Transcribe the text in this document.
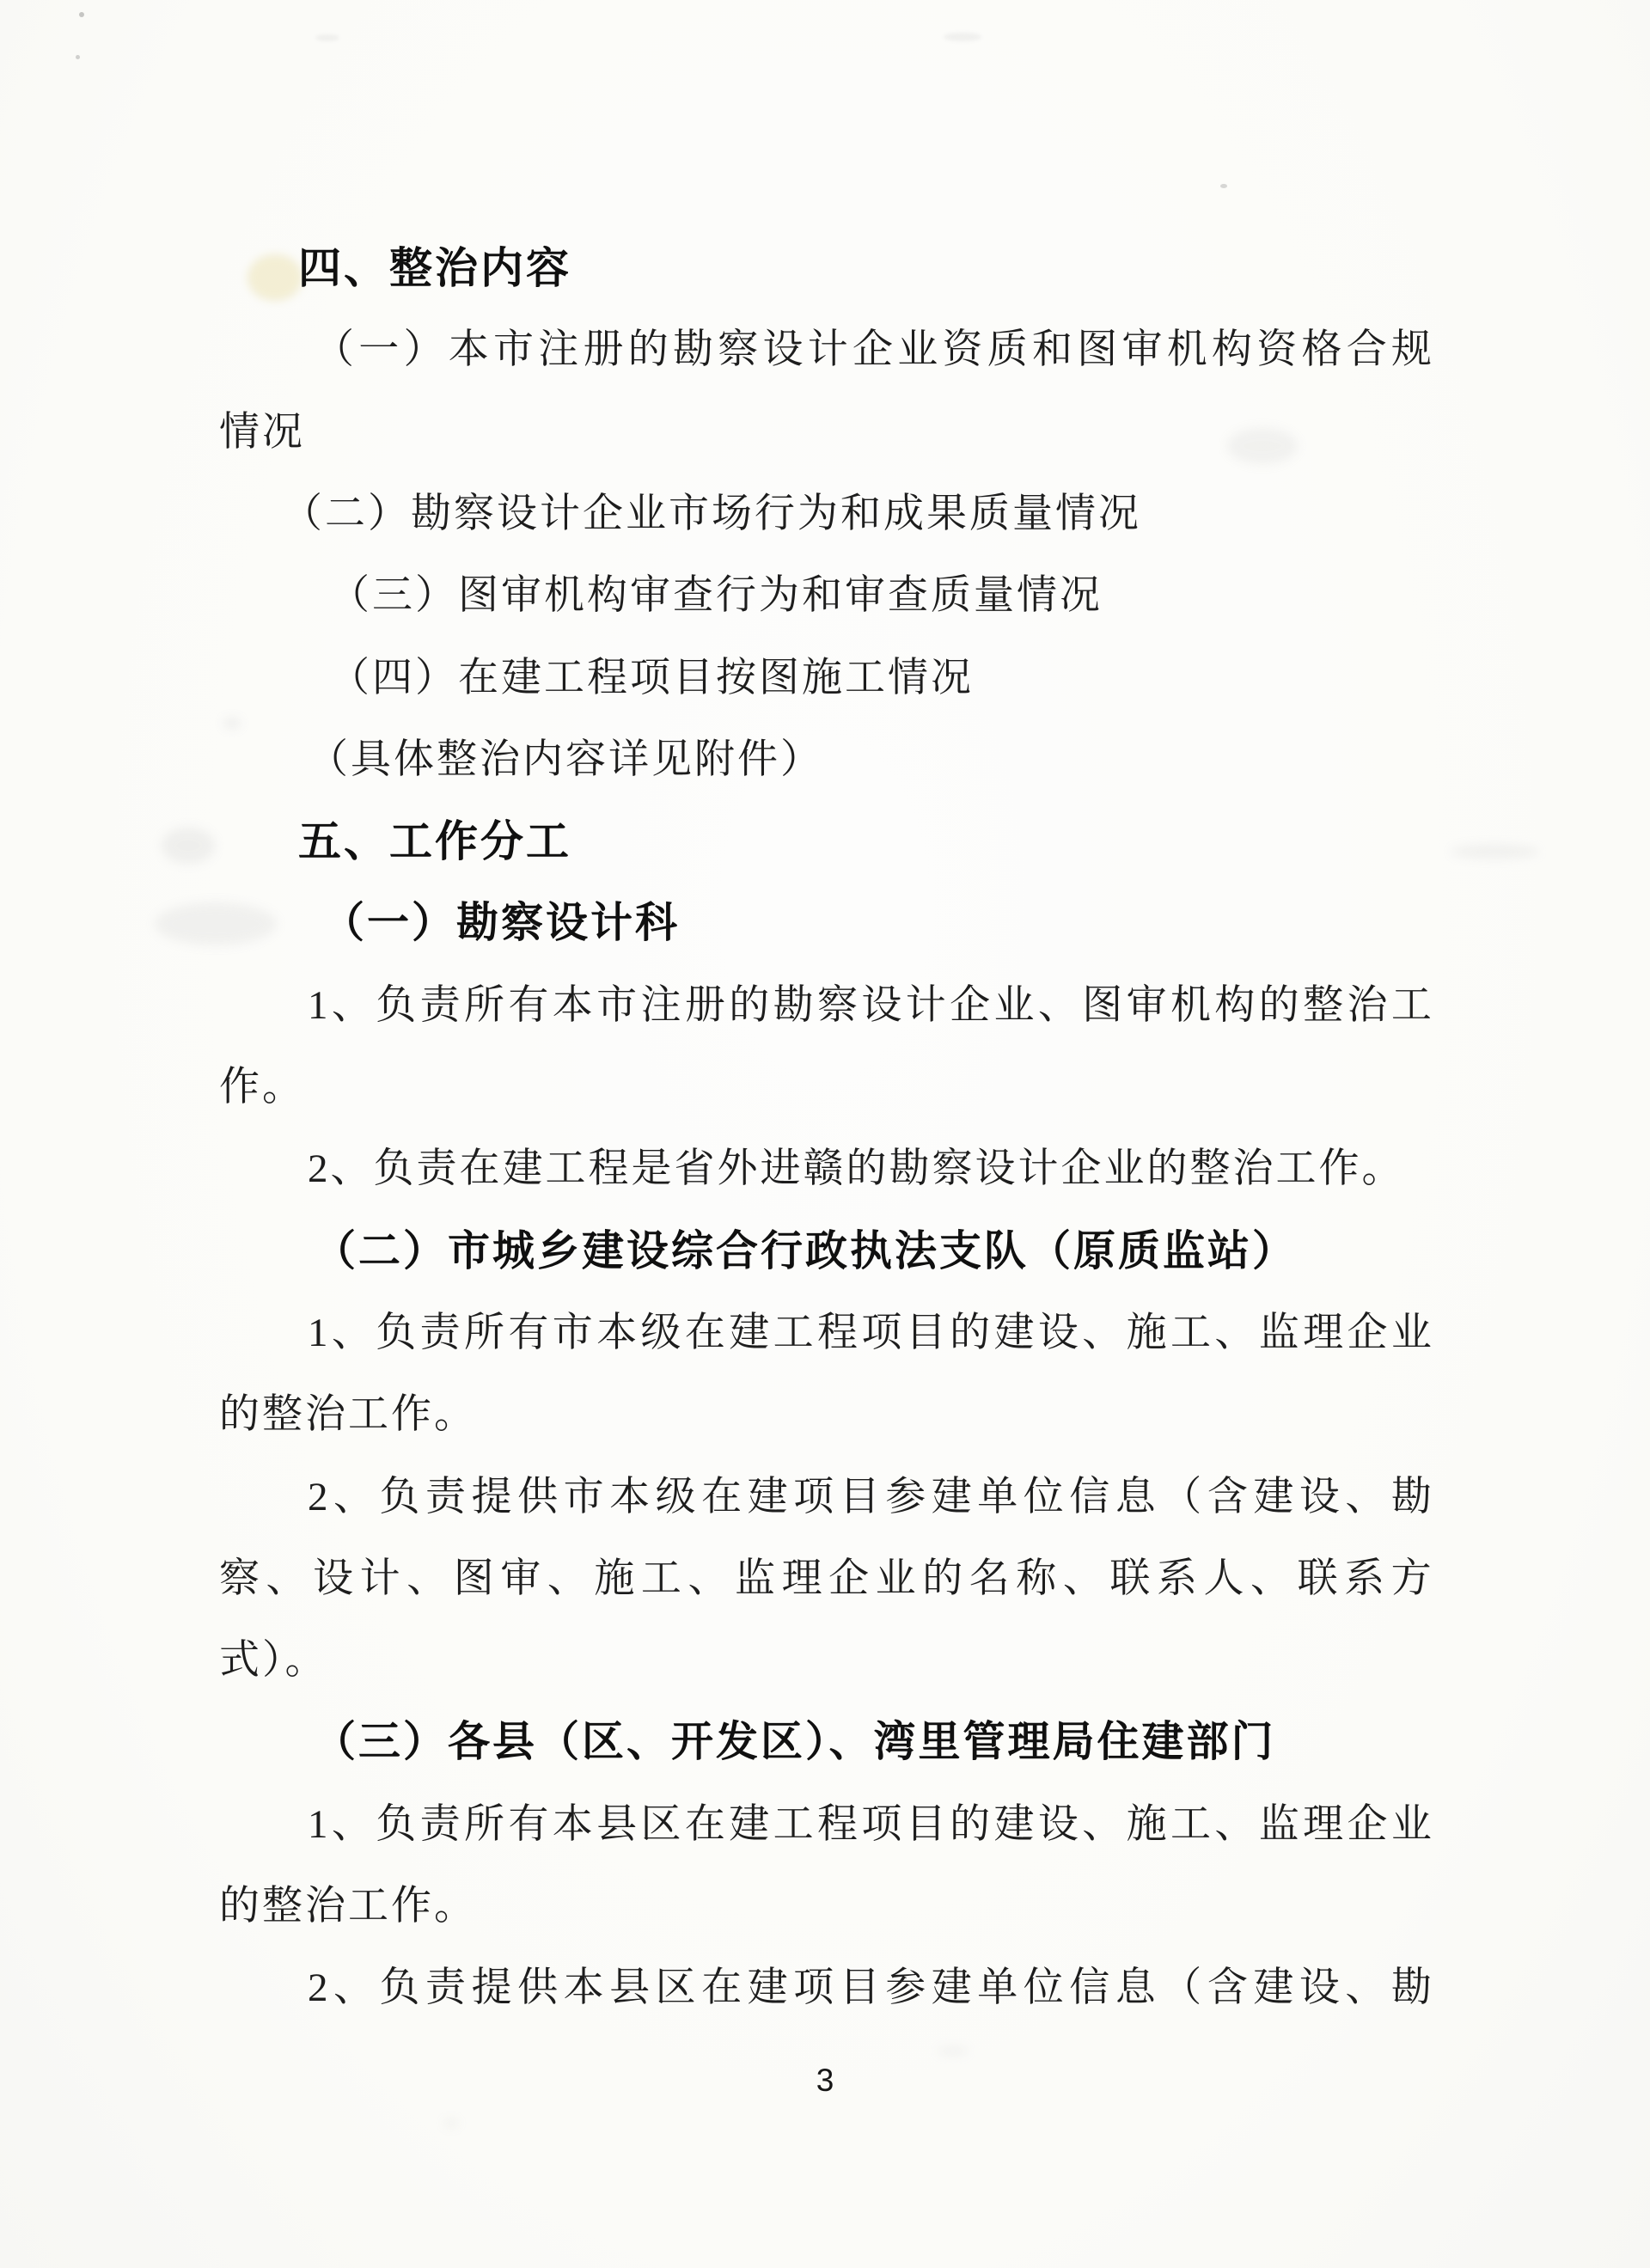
四、整治内容
（ 一 ） 本 市 注 册 的 勘 察 设 计 企 业 资 质 和 图 审 机 构 资 格 合 规
情况
（二）勘察设计企业市场行为和成果质量情况
（三）图审机构审查行为和审查质量情况
（四）在建工程项目按图施工情况
（具体整治内容详见附件）
五、工作分工
（一）勘察设计科
1 、 负 责 所 有 本 市 注 册 的 勘 察 设 计 企 业 、 图 审 机 构 的 整 治 工
作。
2、负责在建工程是省外进赣的勘察设计企业的整治工作。
（二）市城乡建设综合行政执法支队（原质监站）
1 、 负 责 所 有 市 本 级 在 建 工 程 项 目 的 建 设 、 施 工 、 监 理 企 业
的整治工作。
2 、 负 责 提 供 市 本 级 在 建 项 目 参 建 单 位 信 息 （ 含 建 设 、 勘
察 、 设 计 、 图 审 、 施 工 、 监 理 企 业 的 名 称 、 联 系 人 、 联 系 方
式）。
（三）各县（区、开发区）、湾里管理局住建部门
1 、 负 责 所 有 本 县 区 在 建 工 程 项 目 的 建 设 、 施 工 、 监 理 企 业
的整治工作。
2 、 负 责 提 供 本 县 区 在 建 项 目 参 建 单 位 信 息 （ 含 建 设 、 勘
3
